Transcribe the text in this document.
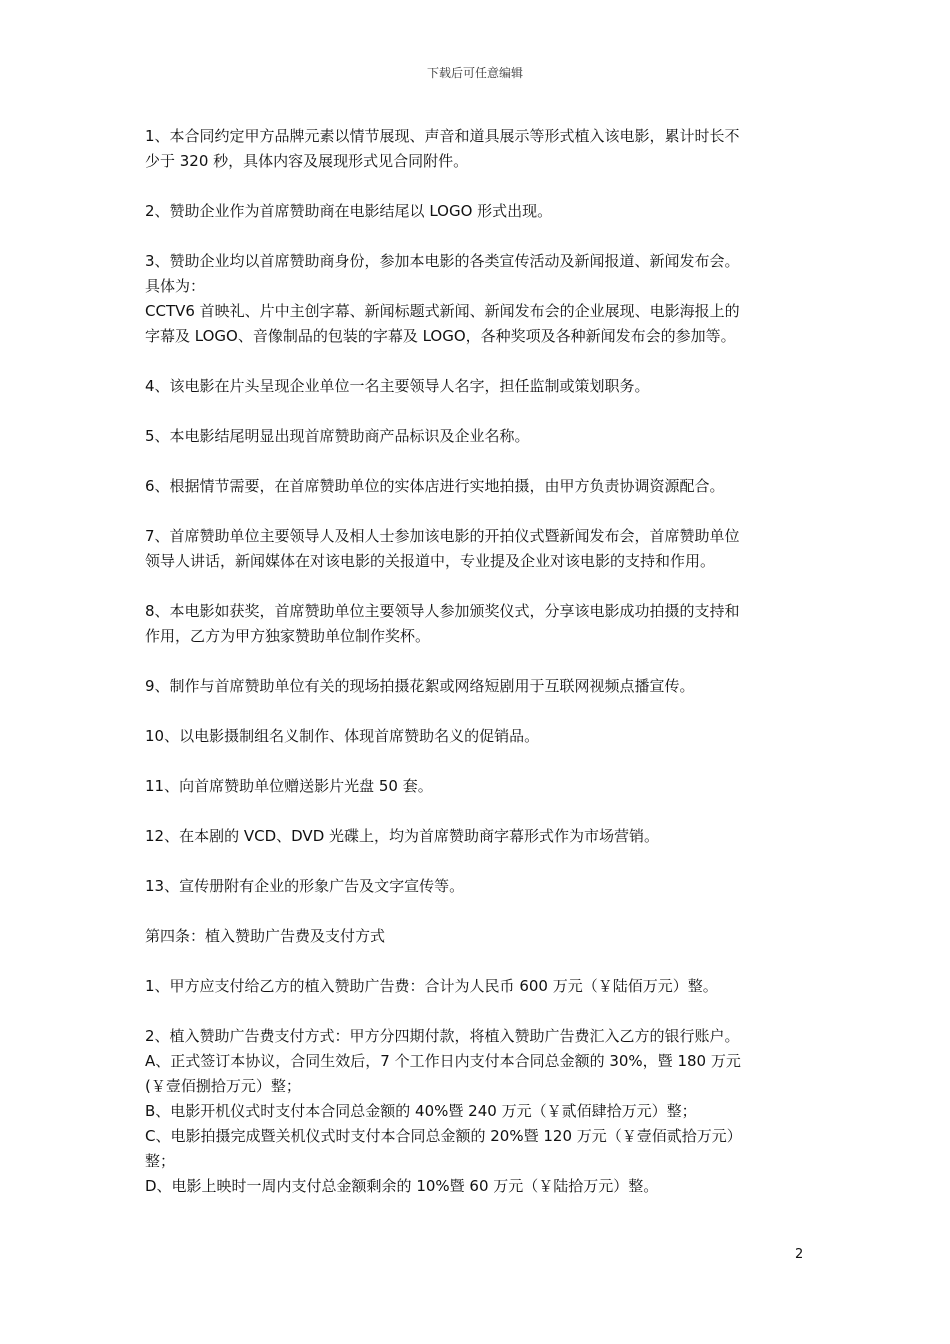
下载后可任意编辑
1、本合同约定甲方品牌元素以情节展现、声音和道具展示等形式植入该电影，累计时长不
少于 320 秒，具体内容及展现形式见合同附件。
2、赞助企业作为首席赞助商在电影结尾以 LOGO 形式出现。
3、赞助企业均以首席赞助商身份，参加本电影的各类宣传活动及新闻报道、新闻发布会。
具体为：
CCTV6 首映礼、片中主创字幕、新闻标题式新闻、新闻发布会的企业展现、电影海报上的
字幕及 LOGO、音像制品的包装的字幕及 LOGO，各种奖项及各种新闻发布会的参加等。
4、该电影在片头呈现企业单位一名主要领导人名字，担任监制或策划职务。
5、本电影结尾明显出现首席赞助商产品标识及企业名称。
6、根据情节需要，在首席赞助单位的实体店进行实地拍摄，由甲方负责协调资源配合。
7、首席赞助单位主要领导人及相人士参加该电影的开拍仪式暨新闻发布会，首席赞助单位
领导人讲话，新闻媒体在对该电影的关报道中，专业提及企业对该电影的支持和作用。
8、本电影如获奖，首席赞助单位主要领导人参加颁奖仪式，分享该电影成功拍摄的支持和
作用，乙方为甲方独家赞助单位制作奖杯。
9、制作与首席赞助单位有关的现场拍摄花絮或网络短剧用于互联网视频点播宣传。
10、以电影摄制组名义制作、体现首席赞助名义的促销品。
11、向首席赞助单位赠送影片光盘 50 套。
12、在本剧的 VCD、DVD 光碟上，均为首席赞助商字幕形式作为市场营销。
13、宣传册附有企业的形象广告及文字宣传等。
第四条：植入赞助广告费及支付方式
1、甲方应支付给乙方的植入赞助广告费：合计为人民币 600 万元（￥陆佰万元）整。
2、植入赞助广告费支付方式：甲方分四期付款，将植入赞助广告费汇入乙方的银行账户。
A、正式签订本协议，合同生效后，7 个工作日内支付本合同总金额的 30%，暨 180 万元
(￥壹佰捌拾万元）整；
B、电影开机仪式时支付本合同总金额的 40%暨 240 万元（￥贰佰肆拾万元）整；
C、电影拍摄完成暨关机仪式时支付本合同总金额的 20%暨 120 万元（￥壹佰贰拾万元）
整；
D、电影上映时一周内支付总金额剩余的 10%暨 60 万元（￥陆拾万元）整。
2
